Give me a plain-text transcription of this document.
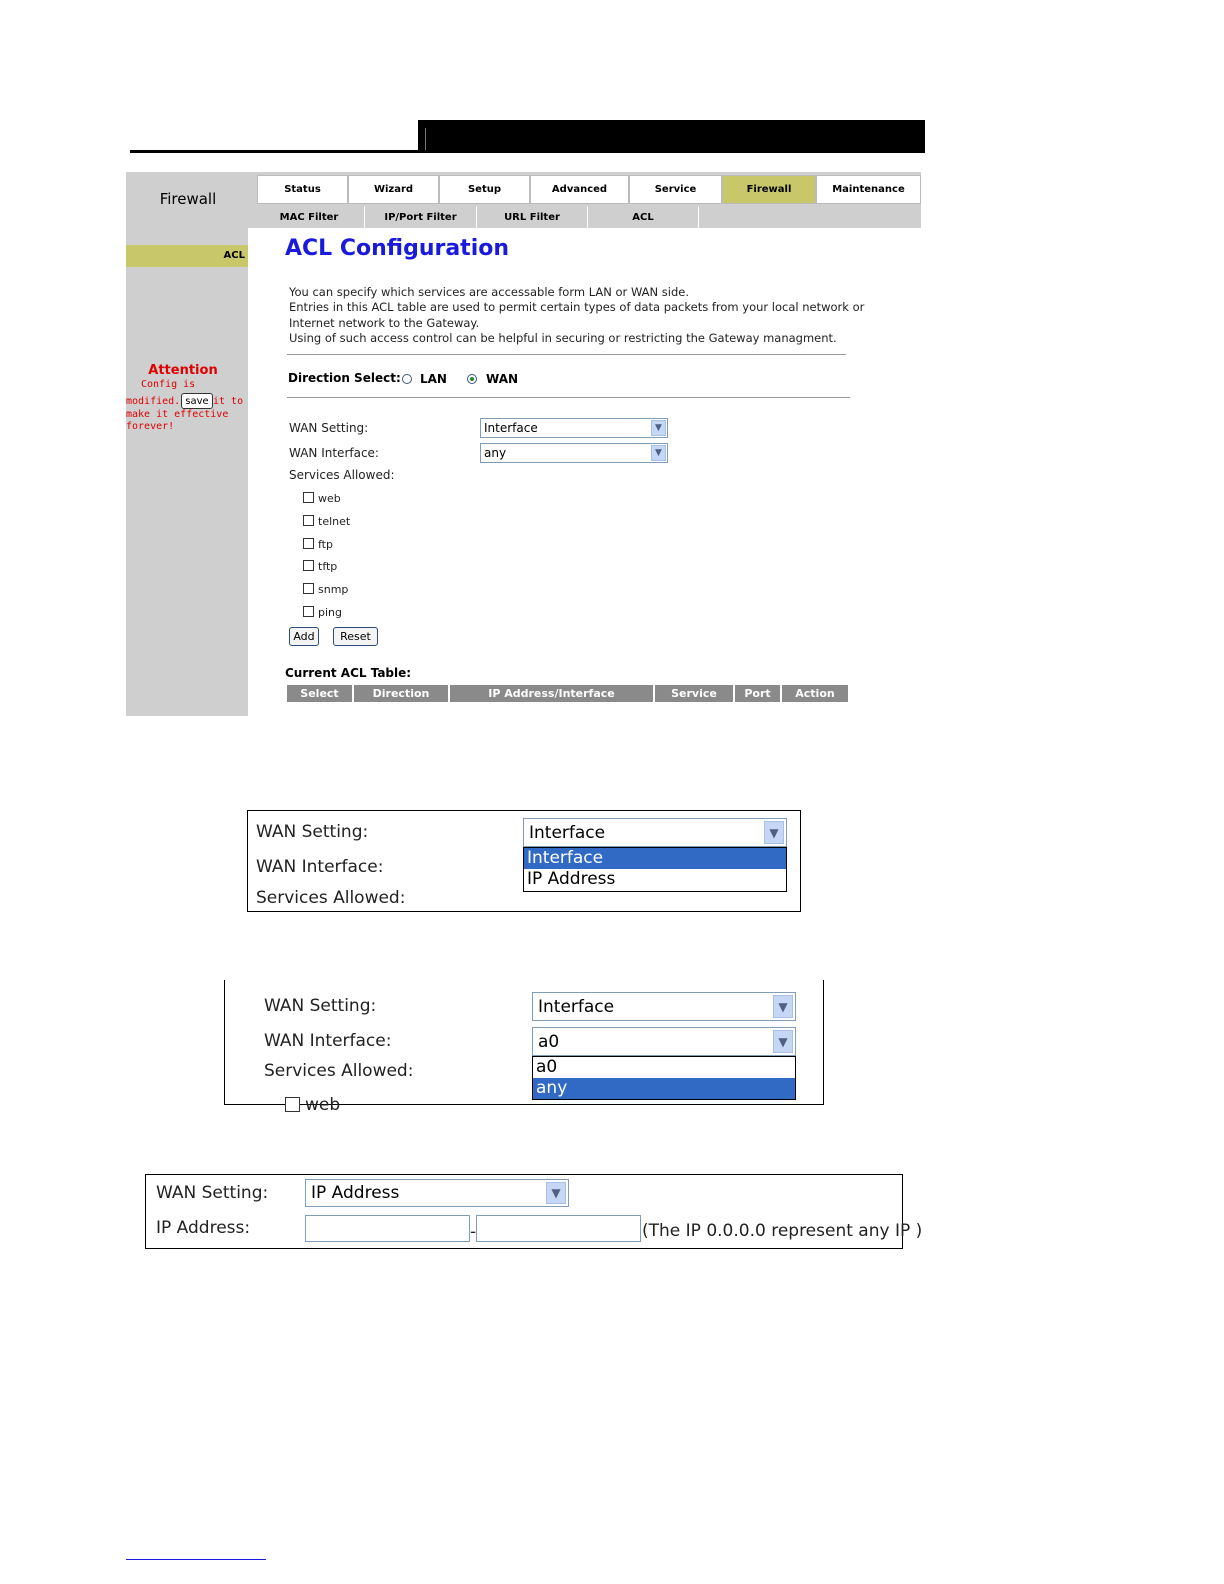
Firewall
Status	Wizard	Setup	Advanced	Service	Firewall	Maintenance
MAC Filter	IP/Port Filter	URL Filter	ACL
ACL
Attention
Config is
modified. save it to
make it effective
forever!
ACL Configuration
You can specify which services are accessable form LAN or WAN side.
Entries in this ACL table are used to permit certain types of data packets from your local network or
Internet network to the Gateway.
Using of such access control can be helpful in securing or restricting the Gateway managment.
Direction Select: LAN	WAN
WAN Setting:	Interface	▼
WAN Interface:	any	▼
Services Allowed:
web
telnet
ftp
tftp
snmp
ping
Add	Reset
Current ACL Table:
Select	Direction	IP Address/Interface	Service	Port	Action
WAN Setting:	Interface	▼
Interface
IP Address
WAN Interface:
Services Allowed:
WAN Setting:	Interface	▼
WAN Interface:	a0	▼
a0
any
Services Allowed:
web
WAN Setting:	IP Address	▼
IP Address:	-	(The IP 0.0.0.0 represent any IP )
